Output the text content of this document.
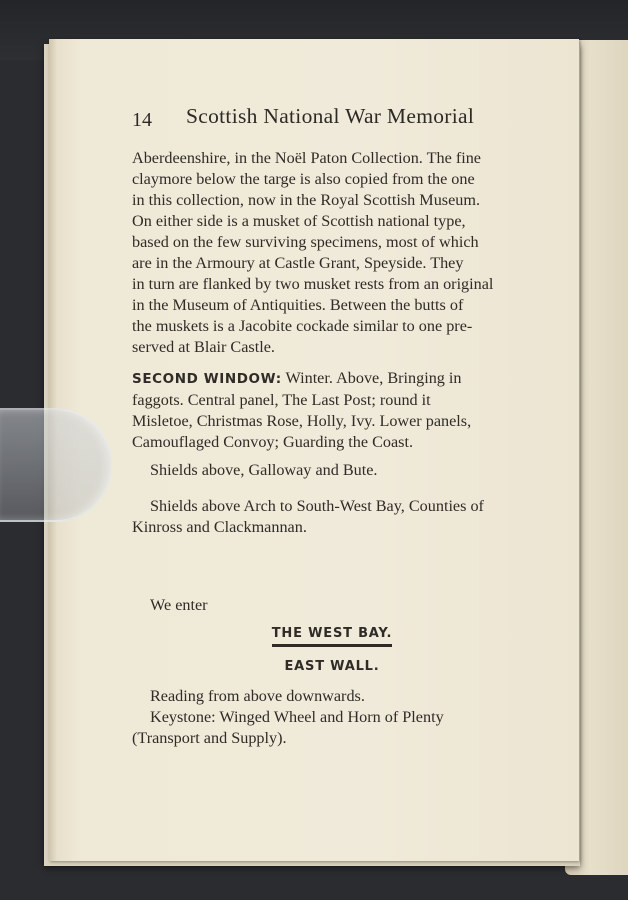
14 Scottish National War Memorial
Aberdeenshire, in the Noël Paton Collection. The fine
claymore below the targe is also copied from the one
in this collection, now in the Royal Scottish Museum.
On either side is a musket of Scottish national type,
based on the few surviving specimens, most of which
are in the Armoury at Castle Grant, Speyside. They
in turn are flanked by two musket rests from an original
in the Museum of Antiquities. Between the butts of
the muskets is a Jacobite cockade similar to one pre-
served at Blair Castle.
SECOND WINDOW: Winter. Above, Bringing in
faggots. Central panel, The Last Post; round it
Misletoe, Christmas Rose, Holly, Ivy. Lower panels,
Camouflaged Convoy; Guarding the Coast.
Shields above, Galloway and Bute.
Shields above Arch to South-West Bay, Counties of
Kinross and Clackmannan.
We enter
THE WEST BAY.
EAST WALL.
Reading from above downwards.
Keystone: Winged Wheel and Horn of Plenty
(Transport and Supply).
